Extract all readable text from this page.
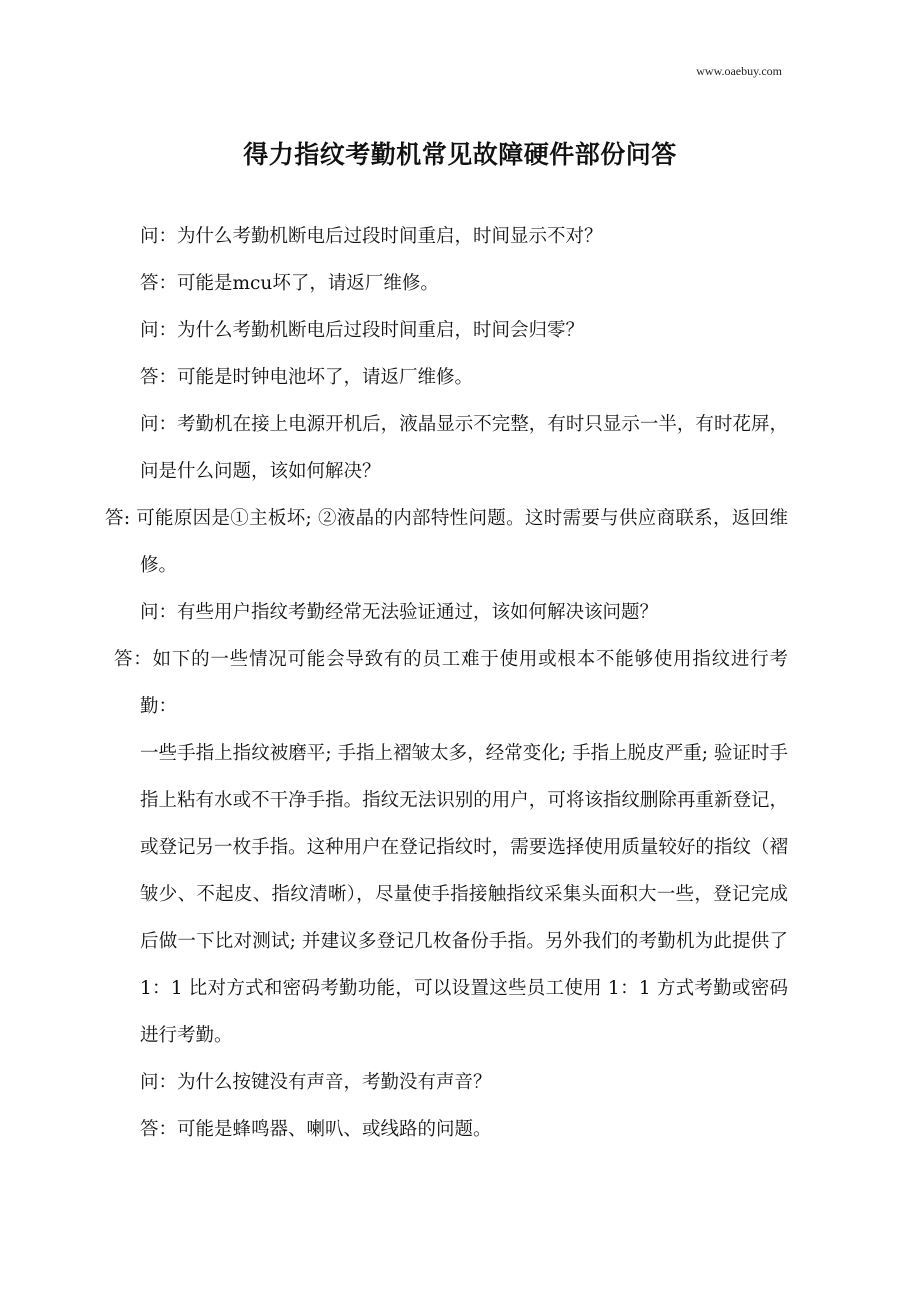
www.oaebuy.com
得力指纹考勤机常见故障硬件部份问答

问：为什么考勤机断电后过段时间重启，时间显示不对？

答：可能是mcu坏了，请返厂维修。

问：为什么考勤机断电后过段时间重启，时间会归零？

答：可能是时钟电池坏了，请返厂维修。

问：考勤机在接上电源开机后，液晶显示不完整，有时只显示一半，有时花屏，问是什么问题，该如何解决？

答: 可能原因是①主板坏; ②液晶的内部特性问题。这时需要与供应商联系，返回维修。

问：有些用户指纹考勤经常无法验证通过，该如何解决该问题？

答：如下的一些情况可能会导致有的员工难于使用或根本不能够使用指纹进行考勤：

一些手指上指纹被磨平; 手指上褶皱太多，经常变化; 手指上脱皮严重; 验证时手指上粘有水或不干净手指。指纹无法识别的用户，可将该指纹删除再重新登记，或登记另一枚手指。这种用户在登记指纹时，需要选择使用质量较好的指纹（褶皱少、不起皮、指纹清晰），尽量使手指接触指纹采集头面积大一些，登记完成后做一下比对测试; 并建议多登记几枚备份手指。另外我们的考勤机为此提供了 1：1 比对方式和密码考勤功能，可以设置这些员工使用 1：1 方式考勤或密码进行考勤。

问：为什么按键没有声音，考勤没有声音？

答：可能是蜂鸣器、喇叭、或线路的问题。
